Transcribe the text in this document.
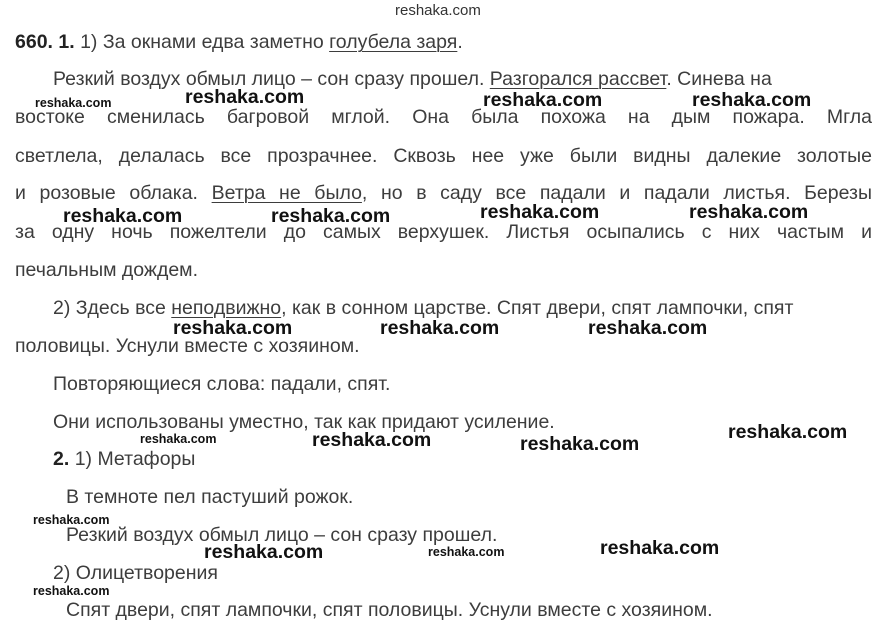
reshaka.com
660. 1. 1) За окнами едва заметно голубела заря.
Резкий воздух обмыл лицо – сон сразу прошел. Разгорался рассвет. Синева на
востоке сменилась багровой мглой. Она была похожа на дым пожара. Мгла
светлела, делалась все прозрачнее. Сквозь нее уже были видны далекие золотые
и розовые облака. Ветра не было, но в саду все падали и падали листья. Березы
за одну ночь пожелтели до самых верхушек. Листья осыпались с них частым и
печальным дождем.
2) Здесь все неподвижно, как в сонном царстве. Спят двери, спят лампочки, спят
половицы. Уснули вместе с хозяином.
Повторяющиеся слова: падали, спят.
Они использованы уместно, так как придают усиление.
2. 1) Метафоры
В темноте пел пастуший рожок.
Резкий воздух обмыл лицо – сон сразу прошел.
2) Олицетворения
Спят двери, спят лампочки, спят половицы. Уснули вместе с хозяином.
reshaka.com	reshaka.com	reshaka.com	reshaka.com
reshaka.com	reshaka.com	reshaka.com	reshaka.com
reshaka.com	reshaka.com	reshaka.com
reshaka.com	reshaka.com	reshaka.com
reshaka.com
reshaka.com
reshaka.com	reshaka.com	reshaka.com
reshaka.com
